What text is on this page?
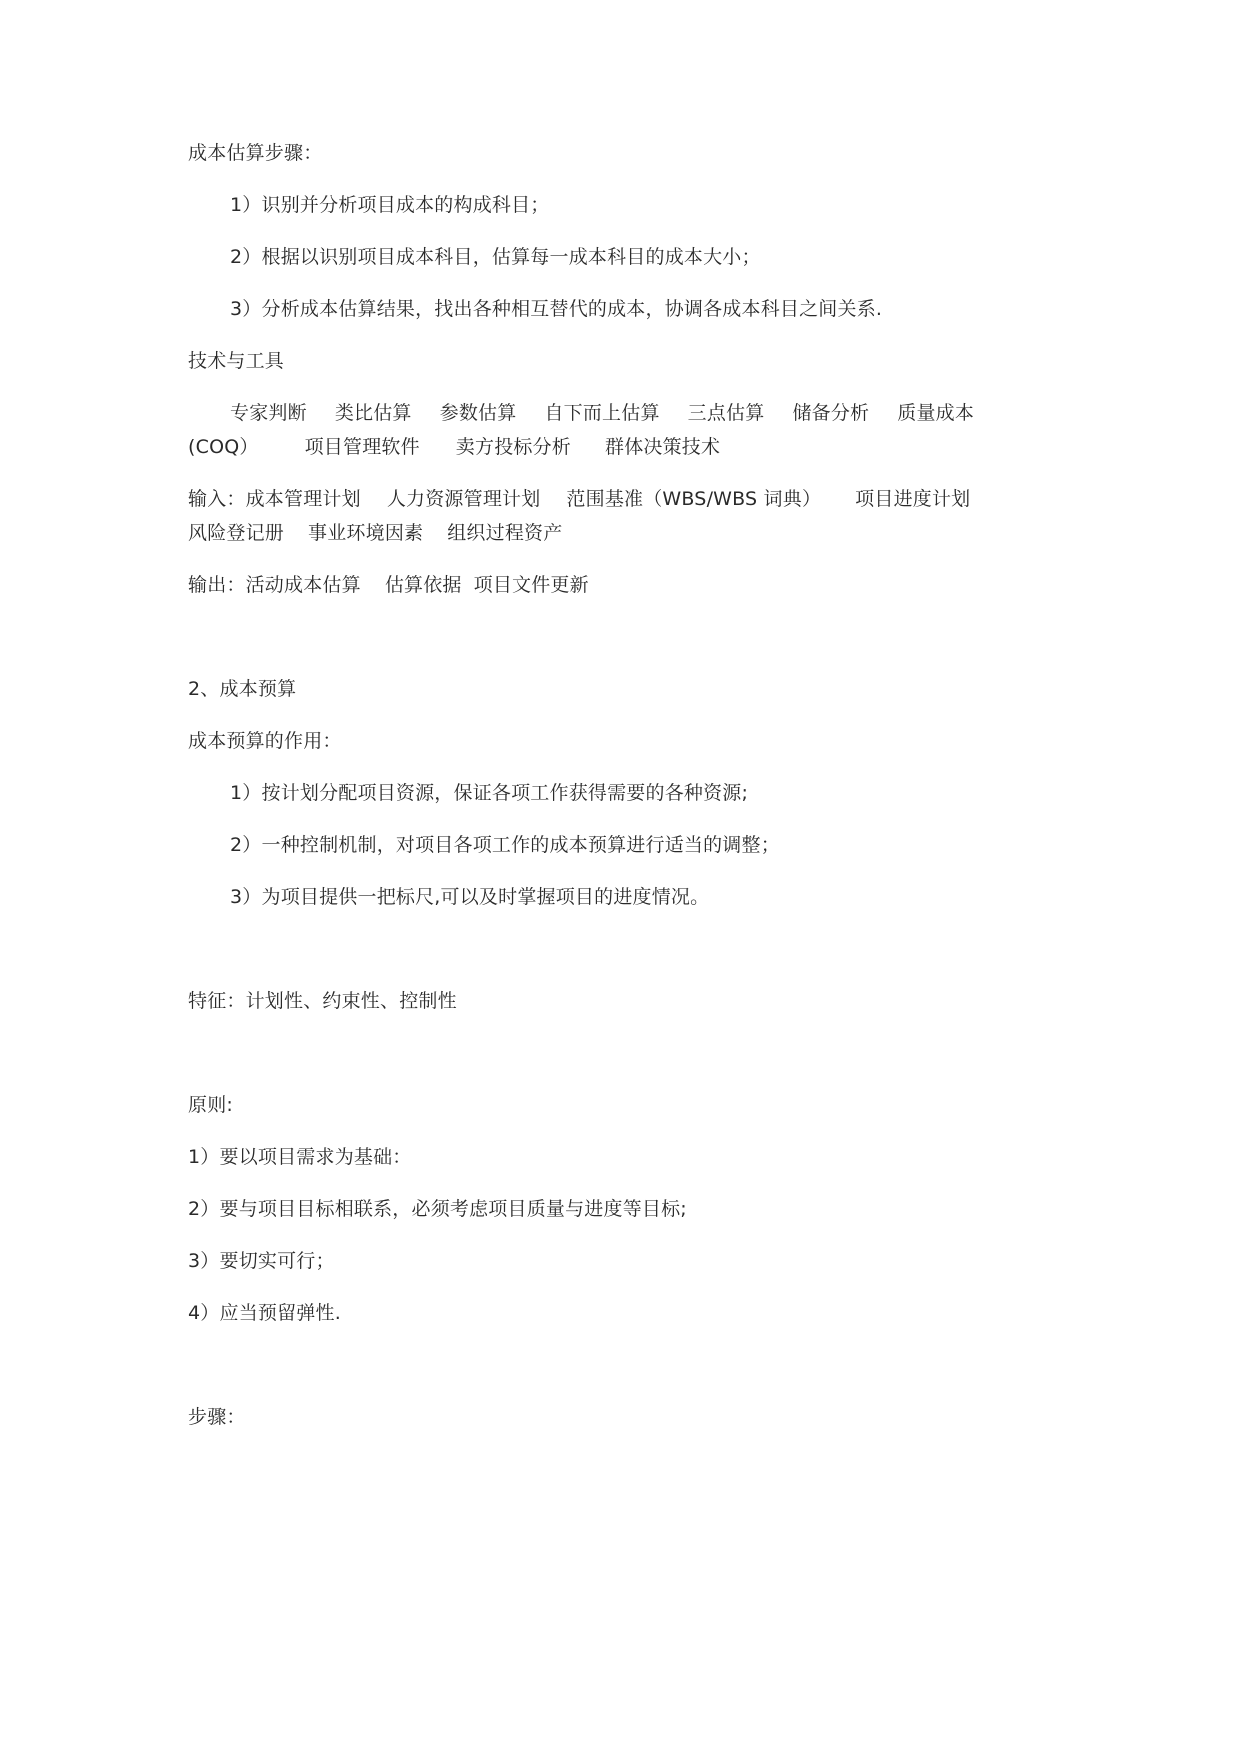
成本估算步骤：
1）识别并分析项目成本的构成科目；
2）根据以识别项目成本科目，估算每一成本科目的成本大小；
3）分析成本估算结果，找出各种相互替代的成本，协调各成本科目之间关系.
技术与工具
专家判断 类比估算 参数估算 自下而上估算 三点估算 储备分析 质量成本
(COQ） 项目管理软件 卖方投标分析 群体决策技术
输入：成本管理计划 人力资源管理计划 范围基准（WBS/WBS 词典） 项目进度计划
风险登记册 事业环境因素 组织过程资产
输出：活动成本估算 估算依据 项目文件更新
2、成本预算
成本预算的作用：
1）按计划分配项目资源，保证各项工作获得需要的各种资源;
2）一种控制机制，对项目各项工作的成本预算进行适当的调整；
3）为项目提供一把标尺,可以及时掌握项目的进度情况。
特征：计划性、约束性、控制性
原则:
1）要以项目需求为基础：
2）要与项目目标相联系，必须考虑项目质量与进度等目标;
3）要切实可行；
4）应当预留弹性.
步骤：
